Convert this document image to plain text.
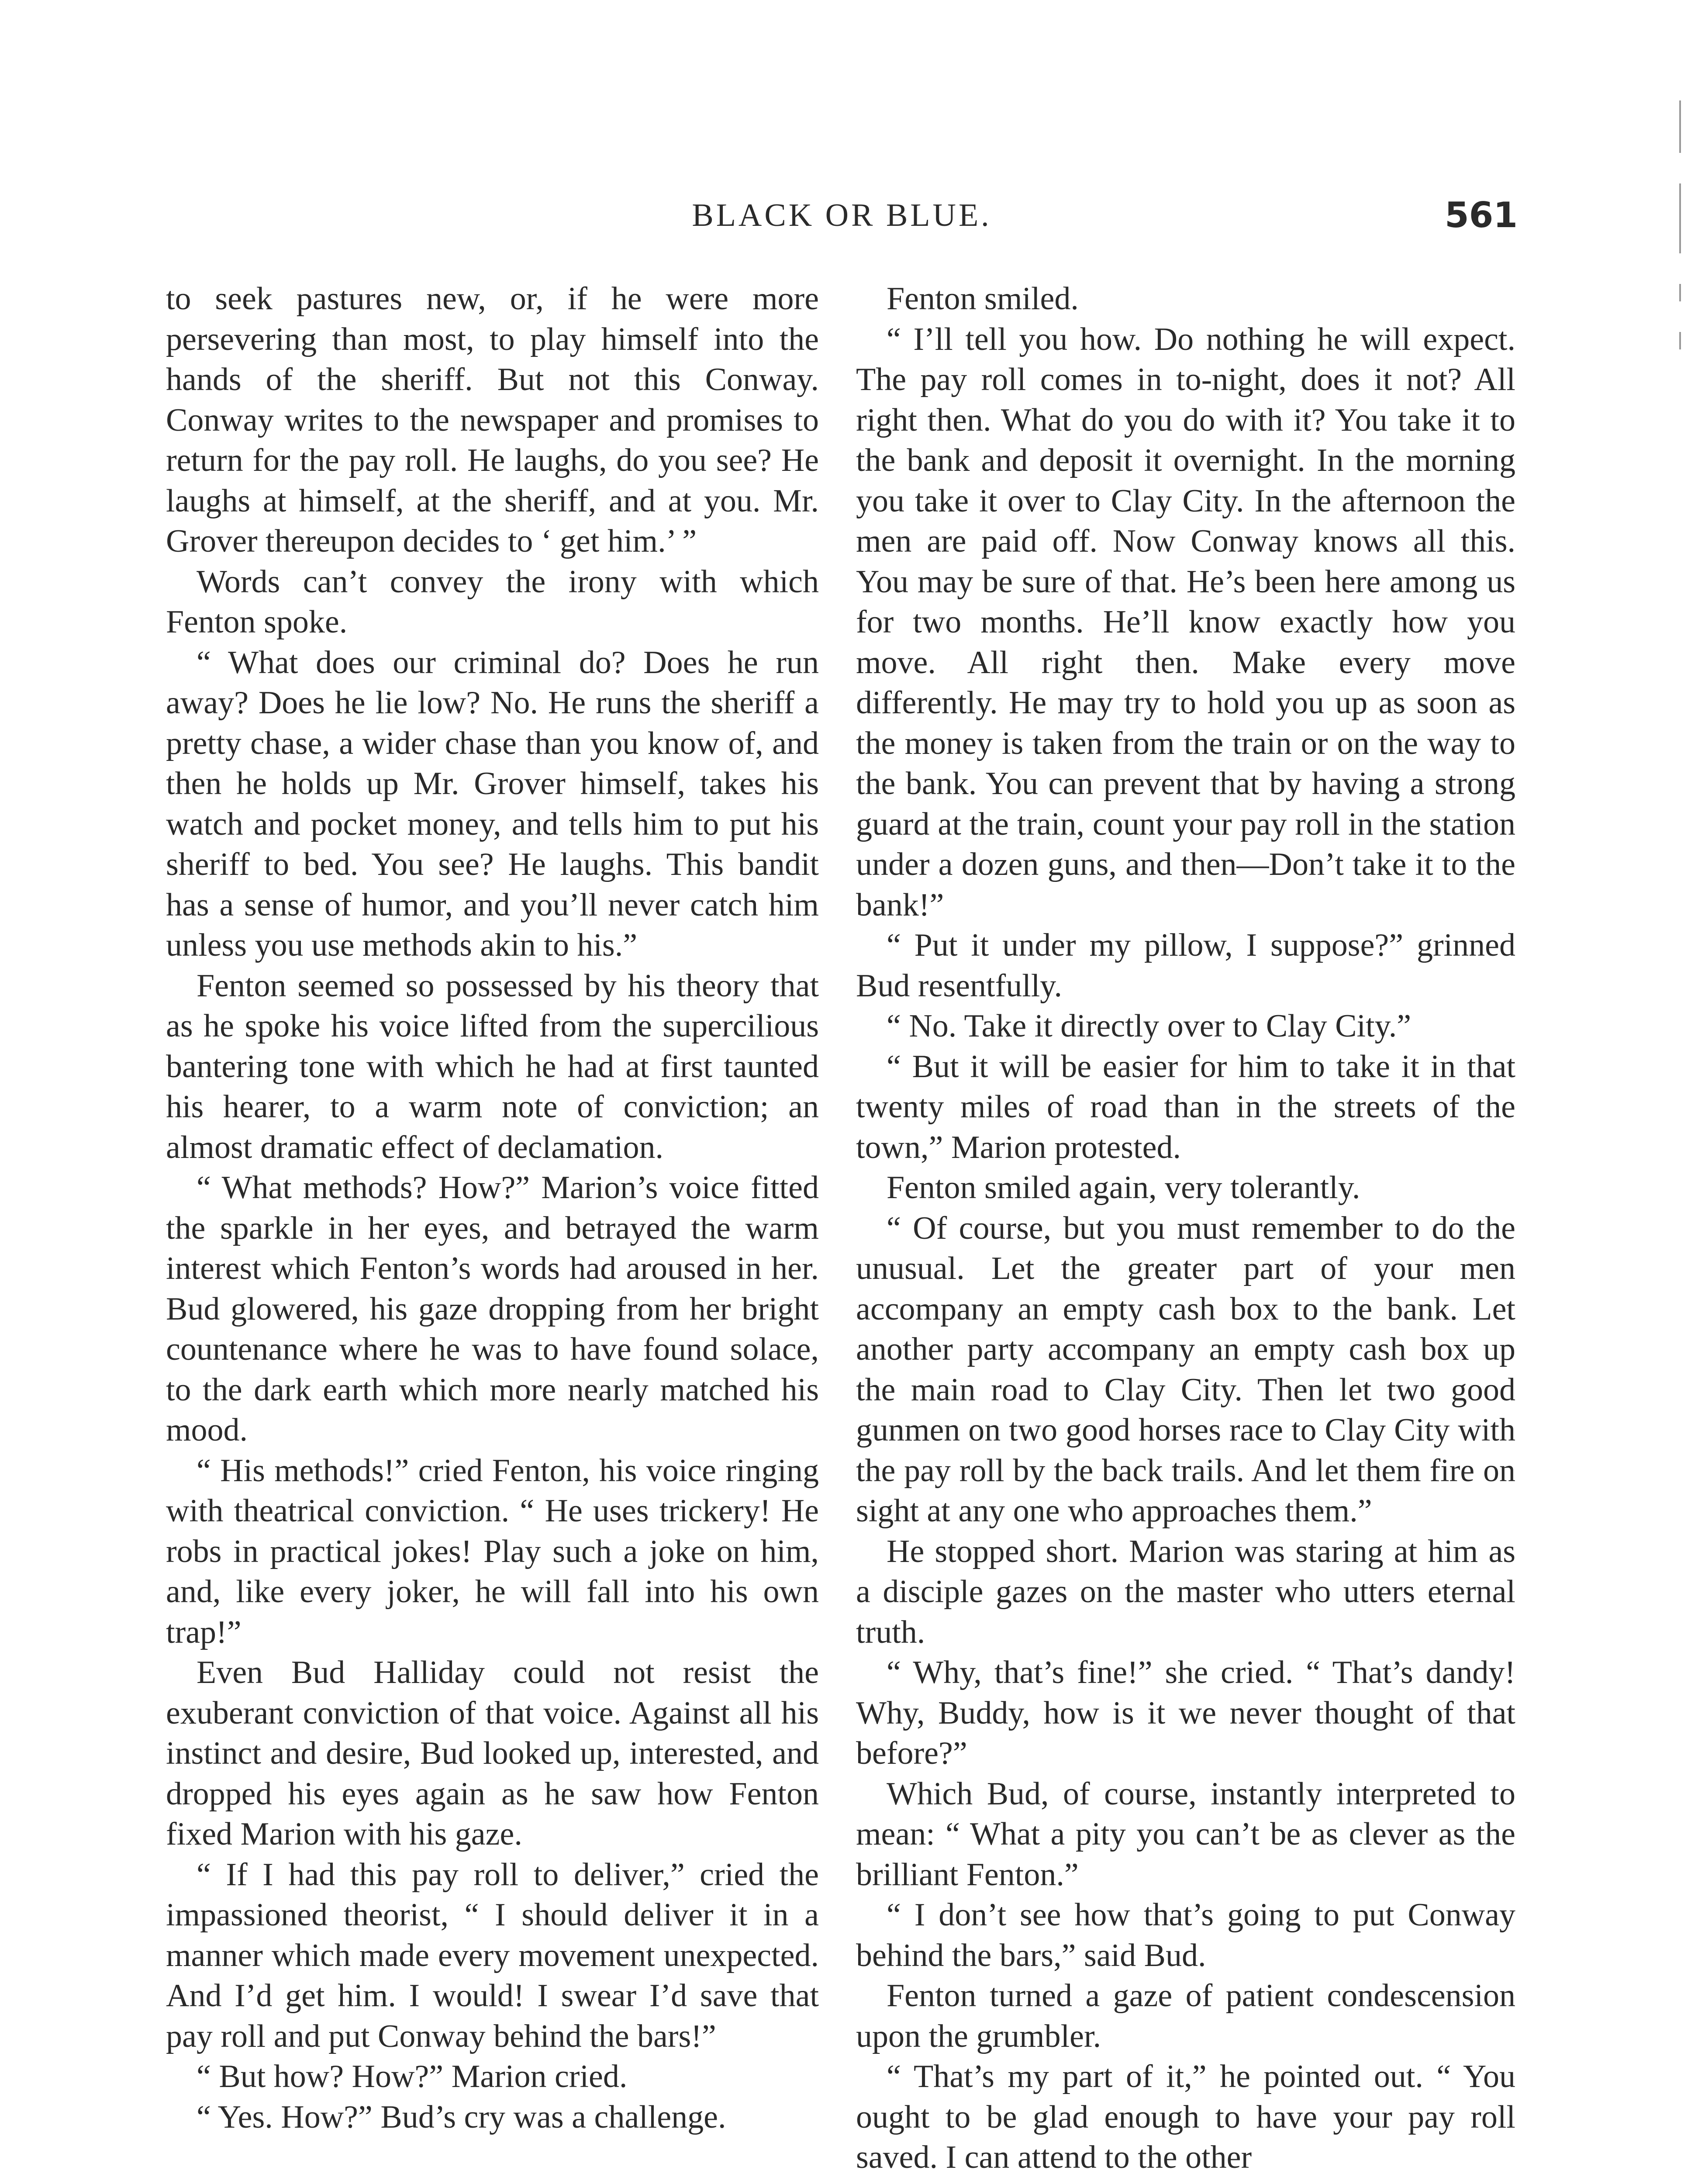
BLACK OR BLUE.	561

to seek pastures new, or, if he were more persevering than most, to play himself into the hands of the sheriff. But not this Conway. Conway writes to the newspaper and promises to return for the pay roll. He laughs, do you see? He laughs at himself, at the sheriff, and at you. Mr. Grover thereupon decides to ‘ get him.’ ”

Words can’t convey the irony with which Fenton spoke.

“ What does our criminal do? Does he run away? Does he lie low? No. He runs the sheriff a pretty chase, a wider chase than you know of, and then he holds up Mr. Grover himself, takes his watch and pocket money, and tells him to put his sheriff to bed. You see? He laughs. This bandit has a sense of humor, and you’ll never catch him unless you use methods akin to his.”

Fenton seemed so possessed by his theory that as he spoke his voice lifted from the supercilious bantering tone with which he had at first taunted his hearer, to a warm note of conviction; an almost dramatic effect of declamation.

“ What methods? How?” Marion’s voice fitted the sparkle in her eyes, and betrayed the warm interest which Fenton’s words had aroused in her. Bud glowered, his gaze dropping from her bright countenance where he was to have found solace, to the dark earth which more nearly matched his mood.

“ His methods!” cried Fenton, his voice ringing with theatrical conviction. “ He uses trickery! He robs in practical jokes! Play such a joke on him, and, like every joker, he will fall into his own trap!”

Even Bud Halliday could not resist the exuberant conviction of that voice. Against all his instinct and desire, Bud looked up, interested, and dropped his eyes again as he saw how Fenton fixed Marion with his gaze.

“ If I had this pay roll to deliver,” cried the impassioned theorist, “ I should deliver it in a manner which made every movement unexpected. And I’d get him. I would! I swear I’d save that pay roll and put Conway behind the bars!”

“ But how? How?” Marion cried.

“ Yes. How?” Bud’s cry was a challenge.

Fenton smiled.

“ I’ll tell you how. Do nothing he will expect. The pay roll comes in to-night, does it not? All right then. What do you do with it? You take it to the bank and deposit it overnight. In the morning you take it over to Clay City. In the afternoon the men are paid off. Now Conway knows all this. You may be sure of that. He’s been here among us for two months. He’ll know exactly how you move. All right then. Make every move differently. He may try to hold you up as soon as the money is taken from the train or on the way to the bank. You can prevent that by having a strong guard at the train, count your pay roll in the station under a dozen guns, and then—Don’t take it to the bank!”

“ Put it under my pillow, I suppose?” grinned Bud resentfully.

“ No. Take it directly over to Clay City.”

“ But it will be easier for him to take it in that twenty miles of road than in the streets of the town,” Marion protested.

Fenton smiled again, very tolerantly.

“ Of course, but you must remember to do the unusual. Let the greater part of your men accompany an empty cash box to the bank. Let another party accompany an empty cash box up the main road to Clay City. Then let two good gunmen on two good horses race to Clay City with the pay roll by the back trails. And let them fire on sight at any one who approaches them.”

He stopped short. Marion was staring at him as a disciple gazes on the master who utters eternal truth.

“ Why, that’s fine!” she cried. “ That’s dandy! Why, Buddy, how is it we never thought of that before?”

Which Bud, of course, instantly interpreted to mean: “ What a pity you can’t be as clever as the brilliant Fenton.”

“ I don’t see how that’s going to put Conway behind the bars,” said Bud.

Fenton turned a gaze of patient condescension upon the grumbler.

“ That’s my part of it,” he pointed out. “ You ought to be glad enough to have your pay roll saved. I can attend to the other
